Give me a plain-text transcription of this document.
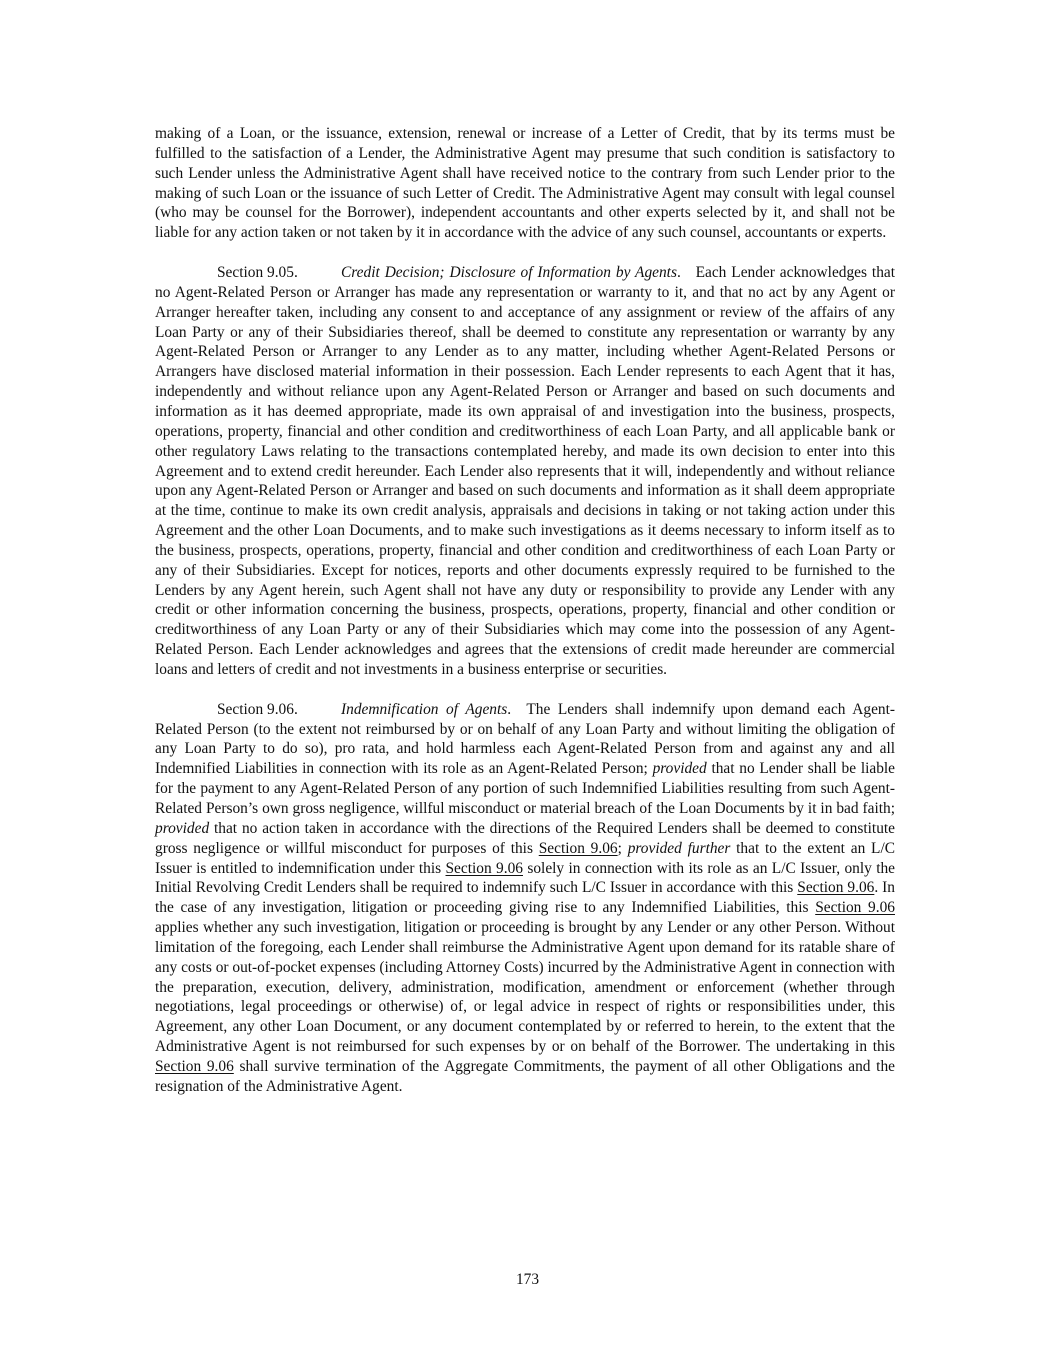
making of a Loan, or the issuance, extension, renewal or increase of a Letter of Credit, that by its terms must be fulfilled to the satisfaction of a Lender, the Administrative Agent may presume that such condition is satisfactory to such Lender unless the Administrative Agent shall have received notice to the contrary from such Lender prior to the making of such Loan or the issuance of such Letter of Credit. The Administrative Agent may consult with legal counsel (who may be counsel for the Borrower), independent accountants and other experts selected by it, and shall not be liable for any action taken or not taken by it in accordance with the advice of any such counsel, accountants or experts.

Section 9.05.	Credit Decision; Disclosure of Information by Agents. Each Lender acknowledges that no Agent-Related Person or Arranger has made any representation or warranty to it, and that no act by any Agent or Arranger hereafter taken, including any consent to and acceptance of any assignment or review of the affairs of any Loan Party or any of their Subsidiaries thereof, shall be deemed to constitute any representation or warranty by any Agent-Related Person or Arranger to any Lender as to any matter, including whether Agent-Related Persons or Arrangers have disclosed material information in their possession. Each Lender represents to each Agent that it has, independently and without reliance upon any Agent-Related Person or Arranger and based on such documents and information as it has deemed appropriate, made its own appraisal of and investigation into the business, prospects, operations, property, financial and other condition and creditworthiness of each Loan Party, and all applicable bank or other regulatory Laws relating to the transactions contemplated hereby, and made its own decision to enter into this Agreement and to extend credit hereunder. Each Lender also represents that it will, independently and without reliance upon any Agent-Related Person or Arranger and based on such documents and information as it shall deem appropriate at the time, continue to make its own credit analysis, appraisals and decisions in taking or not taking action under this Agreement and the other Loan Documents, and to make such investigations as it deems necessary to inform itself as to the business, prospects, operations, property, financial and other condition and creditworthiness of each Loan Party or any of their Subsidiaries. Except for notices, reports and other documents expressly required to be furnished to the Lenders by any Agent herein, such Agent shall not have any duty or responsibility to provide any Lender with any credit or other information concerning the business, prospects, operations, property, financial and other condition or creditworthiness of any Loan Party or any of their Subsidiaries which may come into the possession of any Agent-Related Person. Each Lender acknowledges and agrees that the extensions of credit made hereunder are commercial loans and letters of credit and not investments in a business enterprise or securities.

Section 9.06.	Indemnification of Agents. The Lenders shall indemnify upon demand each Agent-Related Person (to the extent not reimbursed by or on behalf of any Loan Party and without limiting the obligation of any Loan Party to do so), pro rata, and hold harmless each Agent-Related Person from and against any and all Indemnified Liabilities in connection with its role as an Agent-Related Person; provided that no Lender shall be liable for the payment to any Agent-Related Person of any portion of such Indemnified Liabilities resulting from such Agent-Related Person’s own gross negligence, willful misconduct or material breach of the Loan Documents by it in bad faith; provided that no action taken in accordance with the directions of the Required Lenders shall be deemed to constitute gross negligence or willful misconduct for purposes of this Section 9.06; provided further that to the extent an L/C Issuer is entitled to indemnification under this Section 9.06 solely in connection with its role as an L/C Issuer, only the Initial Revolving Credit Lenders shall be required to indemnify such L/C Issuer in accordance with this Section 9.06. In the case of any investigation, litigation or proceeding giving rise to any Indemnified Liabilities, this Section 9.06 applies whether any such investigation, litigation or proceeding is brought by any Lender or any other Person. Without limitation of the foregoing, each Lender shall reimburse the Administrative Agent upon demand for its ratable share of any costs or out-of-pocket expenses (including Attorney Costs) incurred by the Administrative Agent in connection with the preparation, execution, delivery, administration, modification, amendment or enforcement (whether through negotiations, legal proceedings or otherwise) of, or legal advice in respect of rights or responsibilities under, this Agreement, any other Loan Document, or any document contemplated by or referred to herein, to the extent that the Administrative Agent is not reimbursed for such expenses by or on behalf of the Borrower. The undertaking in this Section 9.06 shall survive termination of the Aggregate Commitments, the payment of all other Obligations and the resignation of the Administrative Agent.

173
